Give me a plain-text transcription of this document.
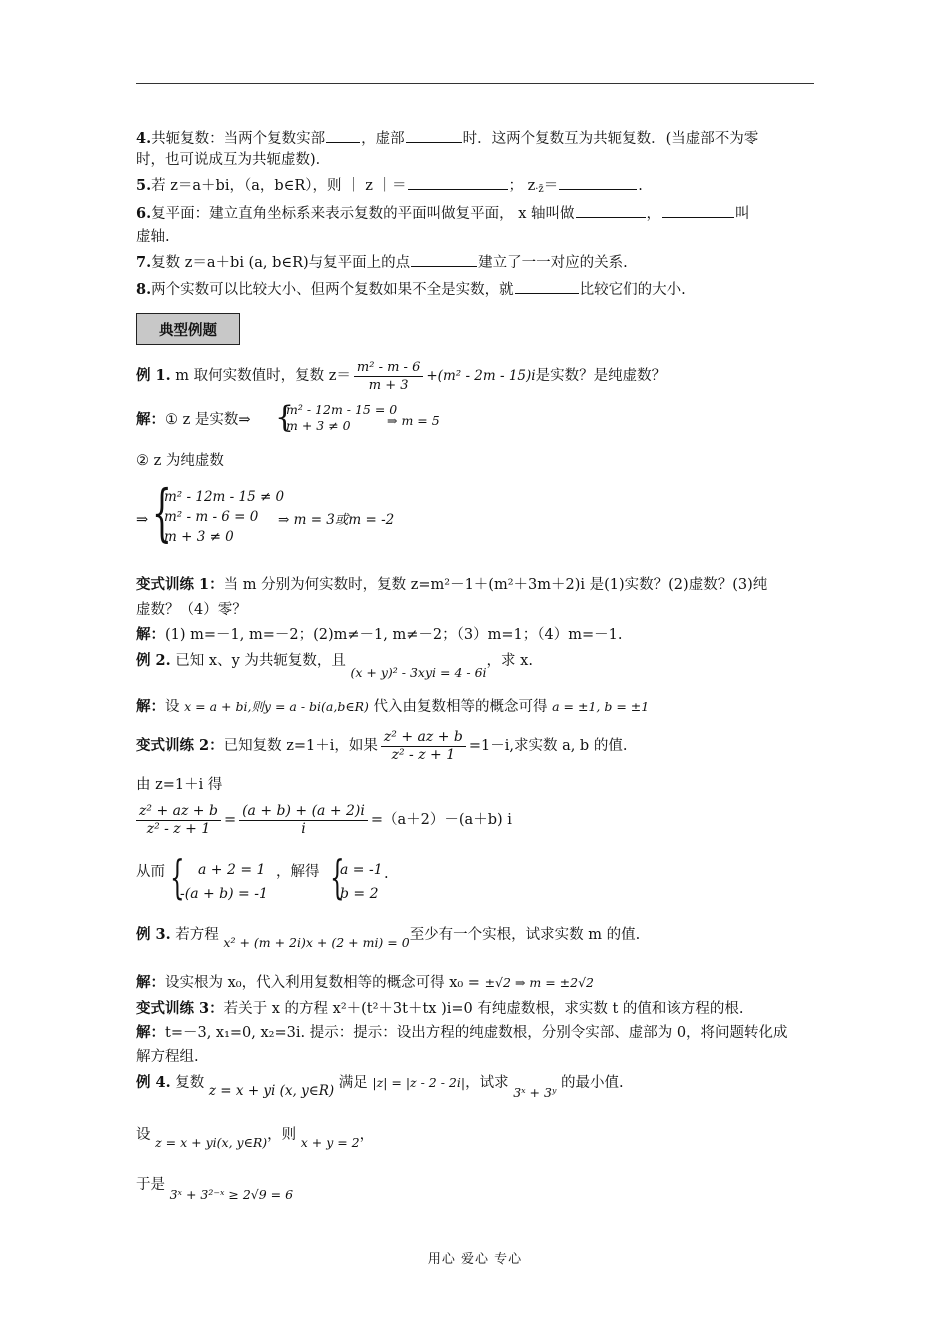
4.共轭复数：当两个复数实部 ，虚部	时．这两个复数互为共轭复数．(当虚部不为零
时，也可说成互为共轭虚数)．
5.若 z＝a＋bi，（a，b∈R），则 ｜ z ｜＝	； z·z̄＝	.
6.复平面：建立直角坐标系来表示复数的平面叫做复平面， x 轴叫做	，	叫
虚轴.
7.复数 z＝a＋bi (a, b∈R)与复平面上的点	建立了一一对应的关系.
8.两个实数可以比较大小、但两个复数如果不全是实数，就	比较它们的大小.
典型例题
例 1. m 取何实数值时，复数 $z= \frac{\text{m² - m - 6}}{m + 3} +(m^2 - 2m - 15)i$是实数？是纯虚数？
解：① z 是实数⇒ {
m² - 12m - 15 = 0
m + 3 ≠ 0	⇒ m = 5
② z 为纯虚数
⇒ {
m² - 12m - 15 ≠ 0
m² - m - 6 = 0
m + 3 ≠ 0
⇒ m = 3或m = -2
变式训练 1：当 m 分别为何实数时，复数 z=m²－1＋(m²＋3m＋2)i 是(1)实数？(2)虚数？(3)纯
虚数？（4）零？
解：(1) m=－1, m=－2；(2)m≠－1, m≠－2；（3）m=1；（4）m=－1.
例 2. 已知 x、y 为共轭复数，且 (x + y)² - 3xyi = 4 - 6i，求 x.
解：设 x = a + bi,则y = a - bi(a,b∈R) 代入由复数相等的概念可得 a = ±1, b = ±1
变式训练 2：已知复数 z=1＋i，如果 $\frac{\text{z² + az + b}}{\text{z² - z + 1}} =1-i$,求实数 a, b 的值.
由 z=1＋i 得
$\frac{\text{z² + az + b}}{\text{z² - z + 1}} = \frac{(a + b) + (a + 2)i}{i} =(a+2)-(a+b)$ i
从而 { a + 2 = 1
-(a + b) = -1
，解得 {
a = -1
b = 2
.
例 3. 若方程 x² + (m + 2i)x + (2 + mi) = 0至少有一个实根，试求实数 m 的值.
解：设实根为 x₀，代入利用复数相等的概念可得 x₀ = ±√2 ⇒ m = ±2√2
变式训练 3：若关于 x 的方程 x²＋(t²＋3t＋tx )i=0 有纯虚数根，求实数 t 的值和该方程的根.
解：t=－3, x₁=0, x₂=3i. 提示：提示：设出方程的纯虚数根，分别令实部、虚部为 0，将问题转化成
解方程组.
例 4. 复数 z = x + yi (x, y∈R) 满足 |z| = |z - 2 - 2i|，试求 3ˣ + 3ʸ 的最小值.
设 z = x + yi(x, y∈R)，则 x + y = 2，
于是 3ˣ + 3²⁻ˣ ≥ 2√9 = 6
用心 爱心 专心
